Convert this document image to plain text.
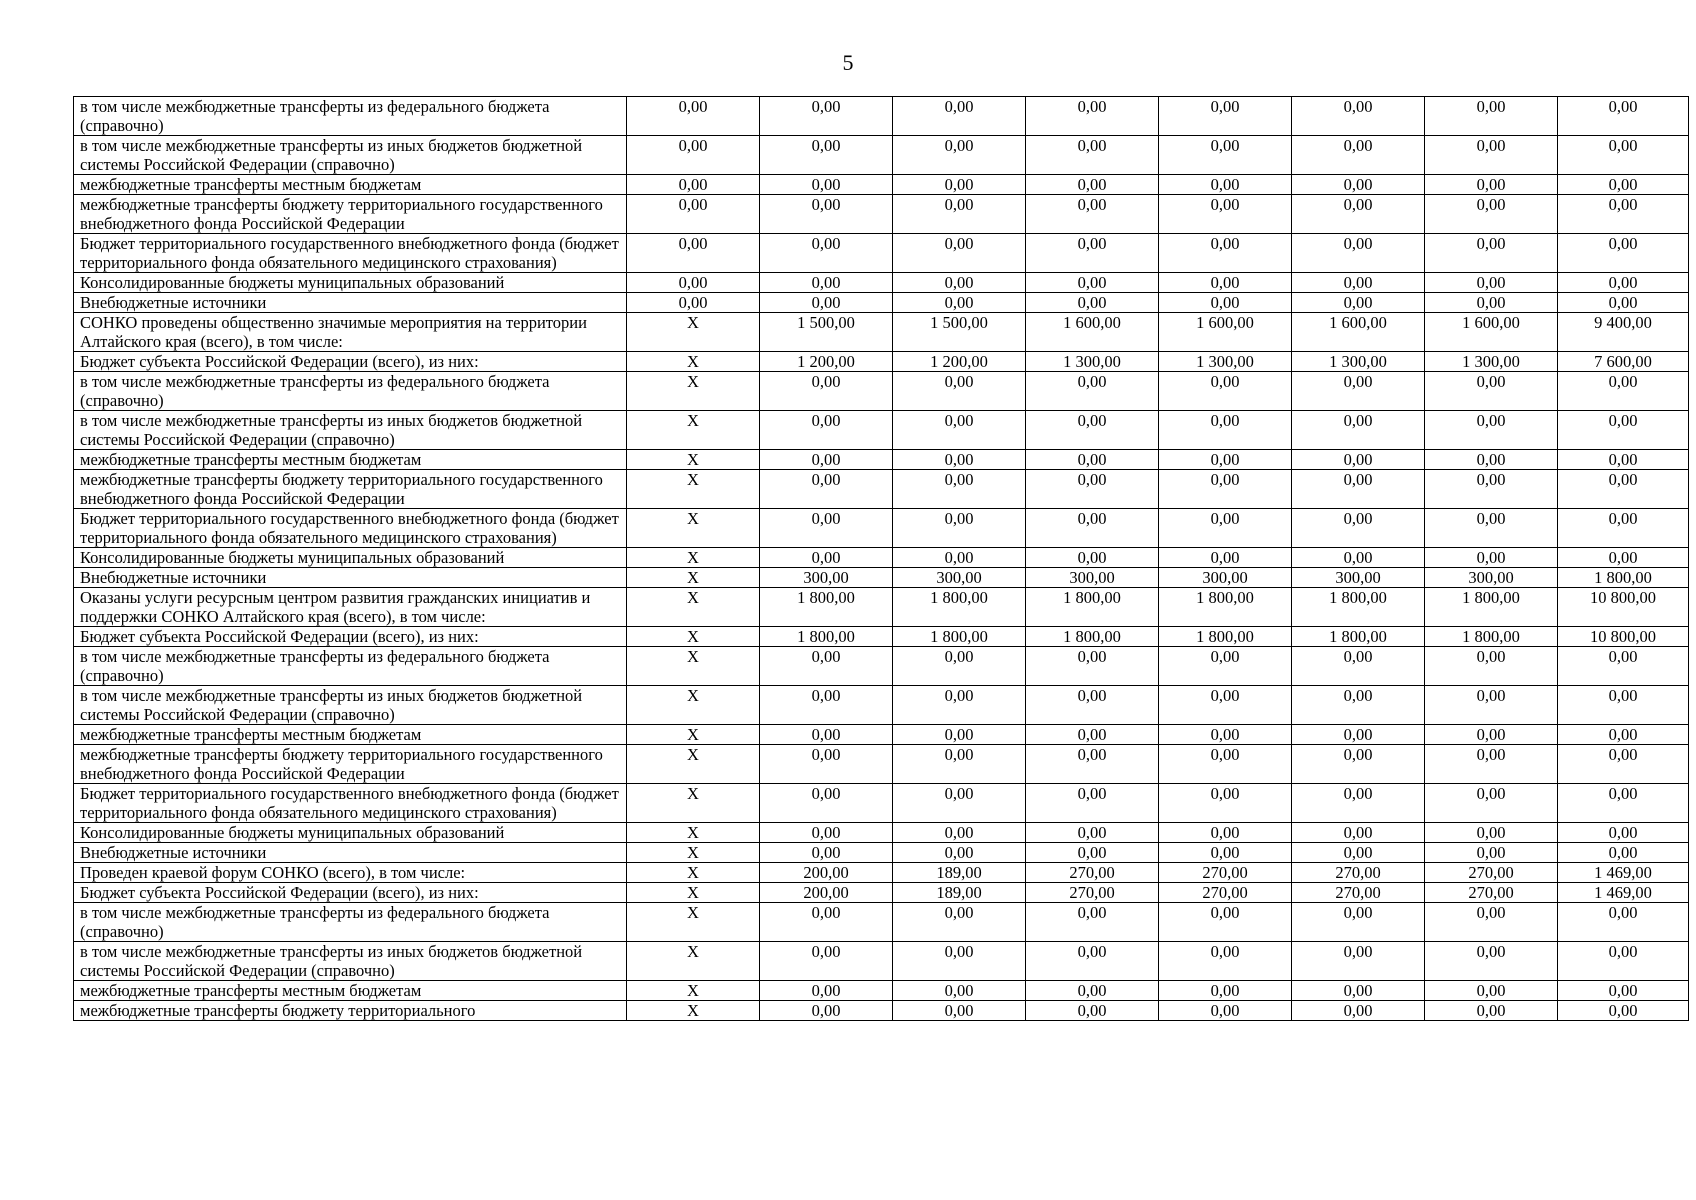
5
в том числе межбюджетные трансферты из федерального бюджета (справочно)	0,00	0,00	0,00	0,00	0,00	0,00	0,00	0,00
в том числе межбюджетные трансферты из иных бюджетов бюджетной системы Российской Федерации (справочно)	0,00	0,00	0,00	0,00	0,00	0,00	0,00	0,00
межбюджетные трансферты местным бюджетам	0,00	0,00	0,00	0,00	0,00	0,00	0,00	0,00
межбюджетные трансферты бюджету территориального государственного внебюджетного фонда Российской Федерации	0,00	0,00	0,00	0,00	0,00	0,00	0,00	0,00
Бюджет территориального государственного внебюджетного фонда (бюджет территориального фонда обязательного медицинского страхования)	0,00	0,00	0,00	0,00	0,00	0,00	0,00	0,00
Консолидированные бюджеты муниципальных образований	0,00	0,00	0,00	0,00	0,00	0,00	0,00	0,00
Внебюджетные источники	0,00	0,00	0,00	0,00	0,00	0,00	0,00	0,00
СОНКО проведены общественно значимые мероприятия на территории Алтайского края (всего), в том числе:	X	1 500,00	1 500,00	1 600,00	1 600,00	1 600,00	1 600,00	9 400,00
Бюджет субъекта Российской Федерации (всего), из них:	X	1 200,00	1 200,00	1 300,00	1 300,00	1 300,00	1 300,00	7 600,00
в том числе межбюджетные трансферты из федерального бюджета (справочно)	X	0,00	0,00	0,00	0,00	0,00	0,00	0,00
в том числе межбюджетные трансферты из иных бюджетов бюджетной системы Российской Федерации (справочно)	X	0,00	0,00	0,00	0,00	0,00	0,00	0,00
межбюджетные трансферты местным бюджетам	X	0,00	0,00	0,00	0,00	0,00	0,00	0,00
межбюджетные трансферты бюджету территориального государственного внебюджетного фонда Российской Федерации	X	0,00	0,00	0,00	0,00	0,00	0,00	0,00
Бюджет территориального государственного внебюджетного фонда (бюджет территориального фонда обязательного медицинского страхования)	X	0,00	0,00	0,00	0,00	0,00	0,00	0,00
Консолидированные бюджеты муниципальных образований	X	0,00	0,00	0,00	0,00	0,00	0,00	0,00
Внебюджетные источники	X	300,00	300,00	300,00	300,00	300,00	300,00	1 800,00
Оказаны услуги ресурсным центром развития гражданских инициатив и поддержки СОНКО Алтайского края (всего), в том числе:	X	1 800,00	1 800,00	1 800,00	1 800,00	1 800,00	1 800,00	10 800,00
Бюджет субъекта Российской Федерации (всего), из них:	X	1 800,00	1 800,00	1 800,00	1 800,00	1 800,00	1 800,00	10 800,00
в том числе межбюджетные трансферты из федерального бюджета (справочно)	X	0,00	0,00	0,00	0,00	0,00	0,00	0,00
в том числе межбюджетные трансферты из иных бюджетов бюджетной системы Российской Федерации (справочно)	X	0,00	0,00	0,00	0,00	0,00	0,00	0,00
межбюджетные трансферты местным бюджетам	X	0,00	0,00	0,00	0,00	0,00	0,00	0,00
межбюджетные трансферты бюджету территориального государственного внебюджетного фонда Российской Федерации	X	0,00	0,00	0,00	0,00	0,00	0,00	0,00
Бюджет территориального государственного внебюджетного фонда (бюджет территориального фонда обязательного медицинского страхования)	X	0,00	0,00	0,00	0,00	0,00	0,00	0,00
Консолидированные бюджеты муниципальных образований	X	0,00	0,00	0,00	0,00	0,00	0,00	0,00
Внебюджетные источники	X	0,00	0,00	0,00	0,00	0,00	0,00	0,00
Проведен краевой форум СОНКО (всего), в том числе:	X	200,00	189,00	270,00	270,00	270,00	270,00	1 469,00
Бюджет субъекта Российской Федерации (всего), из них:	X	200,00	189,00	270,00	270,00	270,00	270,00	1 469,00
в том числе межбюджетные трансферты из федерального бюджета (справочно)	X	0,00	0,00	0,00	0,00	0,00	0,00	0,00
в том числе межбюджетные трансферты из иных бюджетов бюджетной системы Российской Федерации (справочно)	X	0,00	0,00	0,00	0,00	0,00	0,00	0,00
межбюджетные трансферты местным бюджетам	X	0,00	0,00	0,00	0,00	0,00	0,00	0,00
межбюджетные трансферты бюджету территориального	X	0,00	0,00	0,00	0,00	0,00	0,00	0,00
